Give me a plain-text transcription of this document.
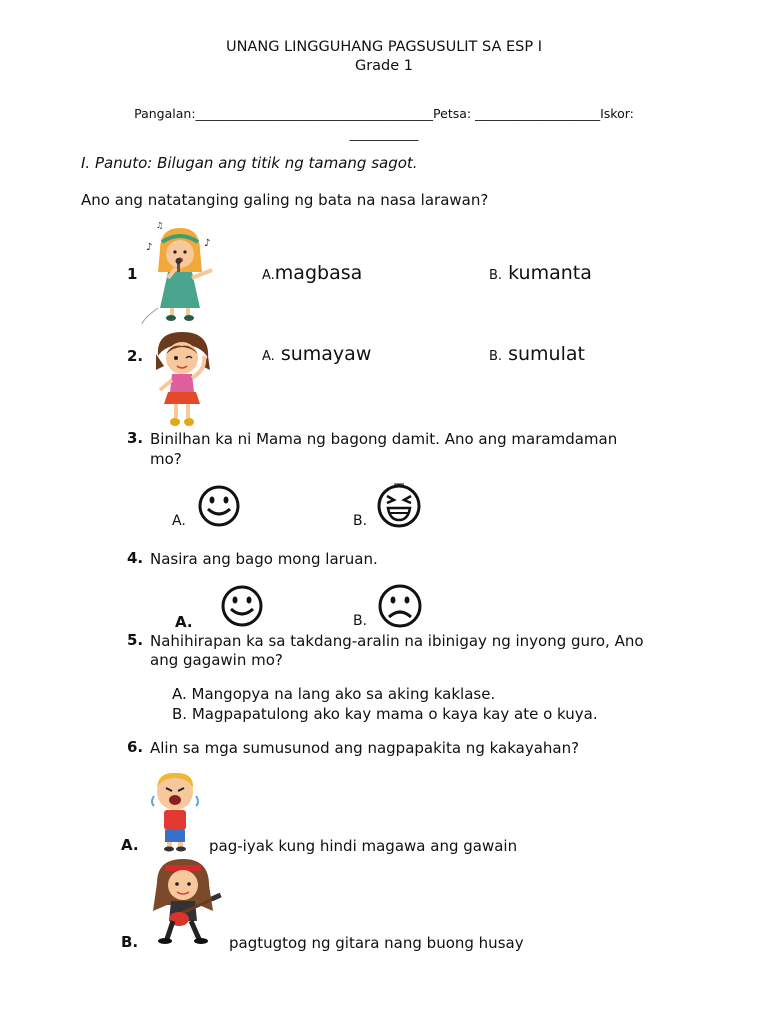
UNANG LINGGUHANG PAGSUSULIT SA ESP I
Grade 1
Pangalan:______________________________________Petsa: ____________________Iskor:
___________
I. Panuto: Bilugan ang titik ng tamang sagot.
Ano ang natatanging galing ng bata na nasa larawan?
1
♪
♫
♪
A.magbasa	B. kumanta
2.	A. sumayaw	B. sumulat
3. Binilhan ka ni Mama ng bagong damit. Ano ang maramdaman
mo?
A.	B.
4. Nasira ang bago mong laruan.
A.	B.
5. Nahihirapan ka sa takdang-aralin na ibinigay ng inyong guro, Ano
ang gagawin mo?
A. Mangopya na lang ako sa aking kaklase.
B. Magpapatulong ako kay mama o kaya kay ate o kuya.
6. Alin sa mga sumusunod ang nagpapakita ng kakayahan?
A.	pag-iyak kung hindi magawa ang gawain
B.	pagtugtog ng gitara nang buong husay
